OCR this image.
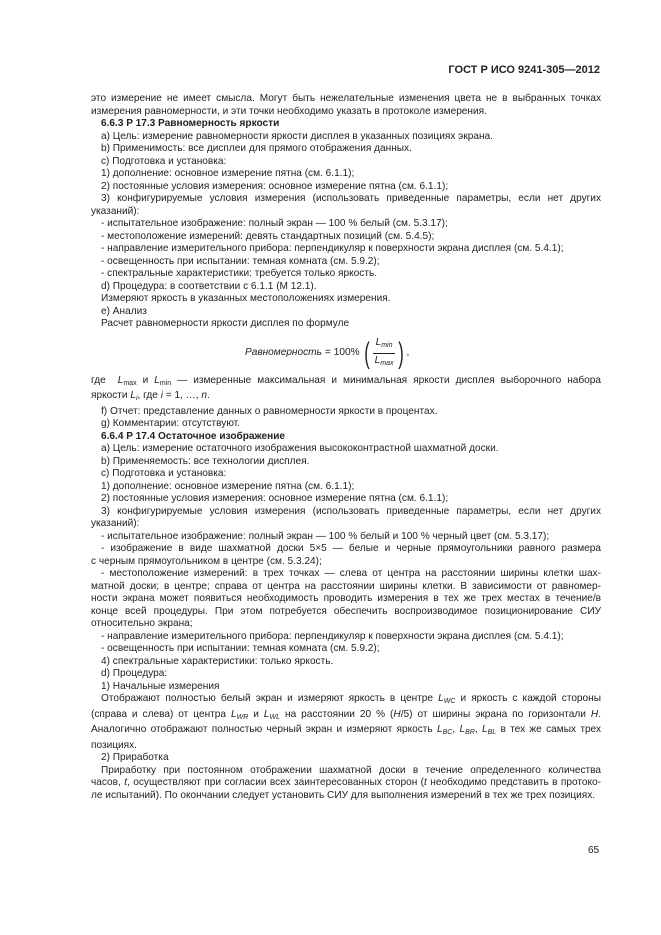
ГОСТ Р ИСО 9241-305—2012

это измерение не имеет смысла. Могут быть нежелательные изменения цвета не в выбранных точках

измерения равномерности, и эти точки необходимо указать в протоколе измерения.

6.6.3 P 17.3 Равномерность яркости

a) Цель: измерение равномерности яркости дисплея в указанных позициях экрана.

b) Применимость: все дисплеи для прямого отображения данных.

c) Подготовка и установка:

1) дополнение: основное измерение пятна (см. 6.1.1);

2) постоянные условия измерения: основное измерение пятна (см. 6.1.1);

3) конфигурируемые условия измерения (использовать приведенные параметры, если нет других

указаний):

- испытательное изображение: полный экран — 100 % белый (см. 5.3.17);

- местоположение измерений: девять стандартных позиций (см. 5.4.5);

- направление измерительного прибора: перпендикуляр к поверхности экрана дисплея (см. 5.4.1);

- освещенность при испытании: темная комната (см. 5.9.2);

- спектральные характеристики: требуется только яркость.

d) Процедура: в соответствии с 6.1.1 (М 12.1).

Измеряют яркость в указанных местоположениях измерения.

e) Анализ

Расчет равномерности яркости дисплея по формуле

Равномерность = 100% ( $\frac{L_{min}}{L_{max}}$ ) ,

где $L_{max}$ и $L_{min}$ — измеренные максимальная и минимальная яркости дисплея выборочного набора

яркости $L_i$, где i = 1, …, n.

f) Отчет: представление данных о равномерности яркости в процентах.

g) Комментарии: отсутствуют.

6.6.4 P 17.4 Остаточное изображение

a) Цель: измерение остаточного изображения высококонтрастной шахматной доски.

b) Применяемость: все технологии дисплея.

c) Подготовка и установка:

1) дополнение: основное измерение пятна (см. 6.1.1);

2) постоянные условия измерения: основное измерение пятна (см. 6.1.1);

3) конфигурируемые условия измерения (использовать приведенные параметры, если нет других

указаний):

- испытательное изображение: полный экран — 100 % белый и 100 % черный цвет (см. 5.3.17);

- изображение в виде шахматной доски 5×5 — белые и черные прямоугольники равного размера

с черным прямоугольником в центре (см. 5.3.24);

- местоположение измерений: в трех точках — слева от центра на расстоянии ширины клетки шах-

матной доски; в центре; справа от центра на расстоянии ширины клетки. В зависимости от равномер-

ности экрана может появиться необходимость проводить измерения в тех же трех местах в течение/в

конце всей процедуры. При этом потребуется обеспечить воспроизводимое позиционирование СИУ

относительно экрана;

- направление измерительного прибора: перпендикуляр к поверхности экрана дисплея (см. 5.4.1);

- освещенность при испытании: темная комната (см. 5.9.2);

4) спектральные характеристики: только яркость.

d) Процедура:

1) Начальные измерения

Отображают полностью белый экран и измеряют яркость в центре $L_{WC}$ и яркость с каждой стороны

(справа и слева) от центра $L_{WR}$ и $L_{WL}$ на расстоянии 20 % (H/5) от ширины экрана по горизонтали H.

Аналогично отображают полностью черный экран и измеряют яркость $L_{BC}$, $L_{BR}$, $L_{BL}$ в тех же самых трех

позициях.

2) Приработка

Приработку при постоянном отображении шахматной доски в течение определенного количества

часов, t, осуществляют при согласии всех заинтересованных сторон (t необходимо представить в протоко-

ле испытаний). По окончании следует установить СИУ для выполнения измерений в тех же трех позициях.

65
